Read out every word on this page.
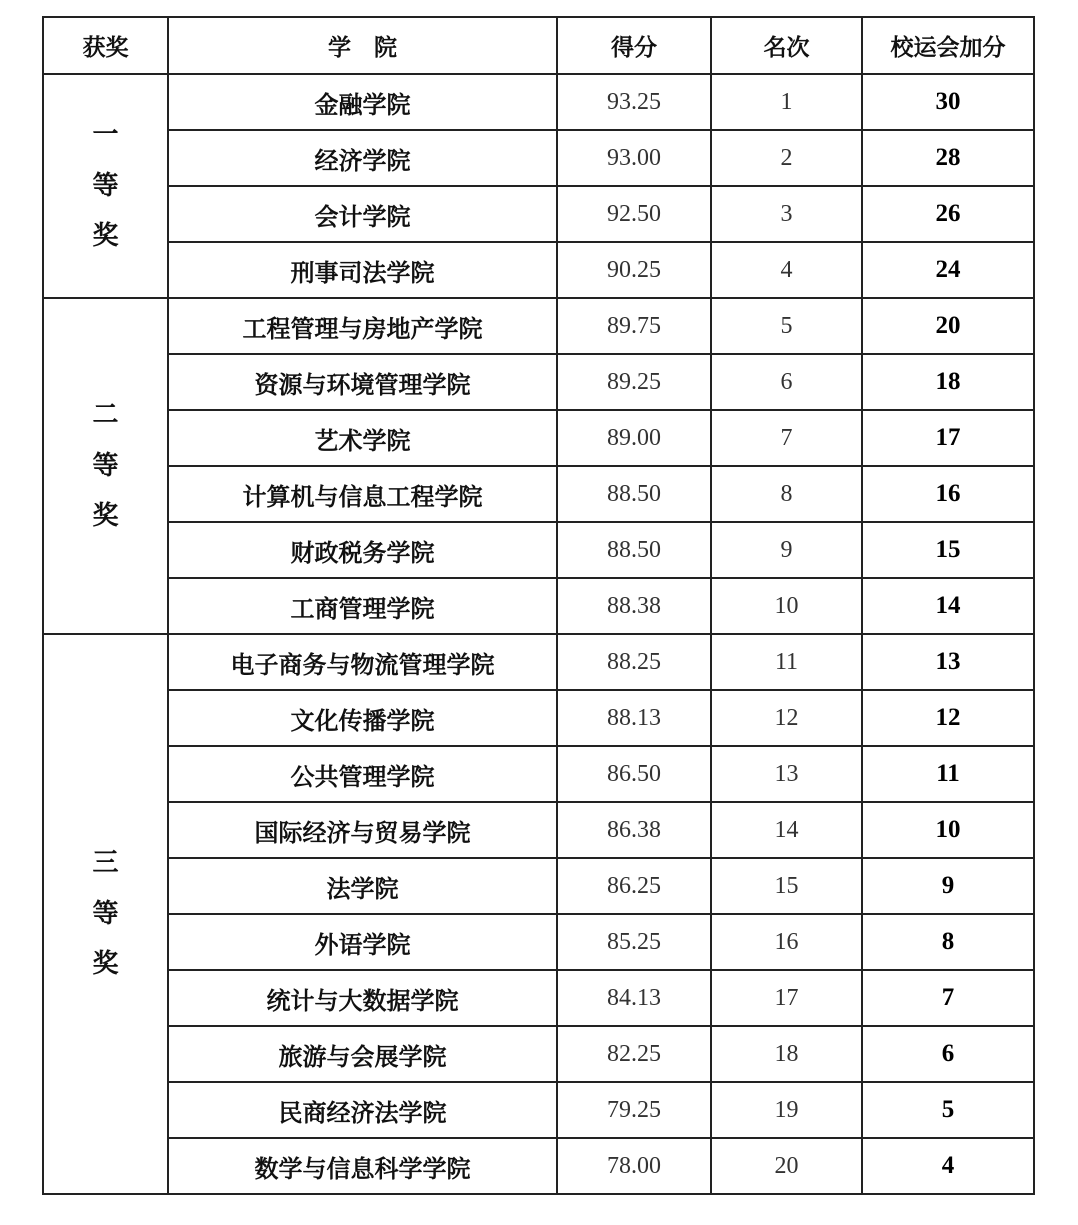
获奖	学　院	得分	名次	校运会加分

一
等
奖	金融学院	93.25	1	30
	经济学院	93.00	2	28
	会计学院	92.50	3	26
	刑事司法学院	90.25	4	24

二
等
奖	工程管理与房地产学院	89.75	5	20
	资源与环境管理学院	89.25	6	18
	艺术学院	89.00	7	17
	计算机与信息工程学院	88.50	8	16
	财政税务学院	88.50	9	15
	工商管理学院	88.38	10	14

三
等
奖	电子商务与物流管理学院	88.25	11	13
	文化传播学院	88.13	12	12
	公共管理学院	86.50	13	11
	国际经济与贸易学院	86.38	14	10
	法学院	86.25	15	9
	外语学院	85.25	16	8
	统计与大数据学院	84.13	17	7
	旅游与会展学院	82.25	18	6
	民商经济法学院	79.25	19	5
	数学与信息科学学院	78.00	20	4
